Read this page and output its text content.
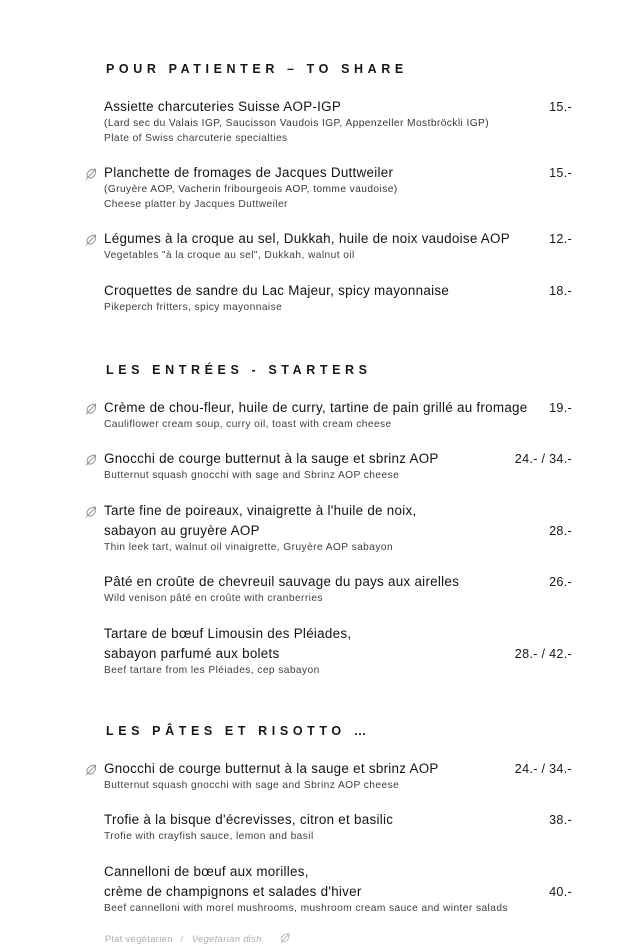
POUR PATIENTER – TO SHARE
Assiette charcuteries Suisse AOP-IGP
(Lard sec du Valais IGP, Saucisson Vaudois IGP, Appenzeller Mostbröckli IGP)
Plate of Swiss charcuterie specialties
15.-
Planchette de fromages de Jacques Duttweiler
(Gruyère AOP, Vacherin fribourgeois AOP, tomme vaudoise)
Cheese platter by Jacques Duttweiler
15.-
Légumes à la croque au sel, Dukkah, huile de noix vaudoise AOP
Vegetables "à la croque au sel", Dukkah, walnut oil
12.-
Croquettes de sandre du Lac Majeur, spicy mayonnaise
Pikeperch fritters, spicy mayonnaise
18.-
LES ENTRÉES - STARTERS
Crème de chou-fleur, huile de curry, tartine de pain grillé au fromage
Cauliflower cream soup, curry oil, toast with cream cheese
19.-
Gnocchi de courge butternut à la sauge et sbrinz AOP
Butternut squash gnocchi with sage and Sbrinz AOP cheese
24.- / 34.-
Tarte fine de poireaux, vinaigrette à l'huile de noix,
sabayon au gruyère AOP
Thin leek tart, walnut oil vinaigrette, Gruyère AOP sabayon
28.-
Pâté en croûte de chevreuil sauvage du pays aux airelles
Wild venison pâté en croûte with cranberries
26.-
Tartare de bœuf Limousin des Pléiades,
sabayon parfumé aux bolets
Beef tartare from les Pléiades, cep sabayon
28.- / 42.-
LES PÂTES ET RISOTTO …
Gnocchi de courge butternut à la sauge et sbrinz AOP
Butternut squash gnocchi with sage and Sbrinz AOP cheese
24.- / 34.-
Trofie à la bisque d'écrevisses, citron et basilic
Trofie with crayfish sauce, lemon and basil
38.-
Cannelloni de bœuf aux morilles,
crème de champignons et salades d'hiver
Beef cannelloni with morel mushrooms, mushroom cream sauce and winter salads
40.-
Plat végétarien / Vegetarian dish
